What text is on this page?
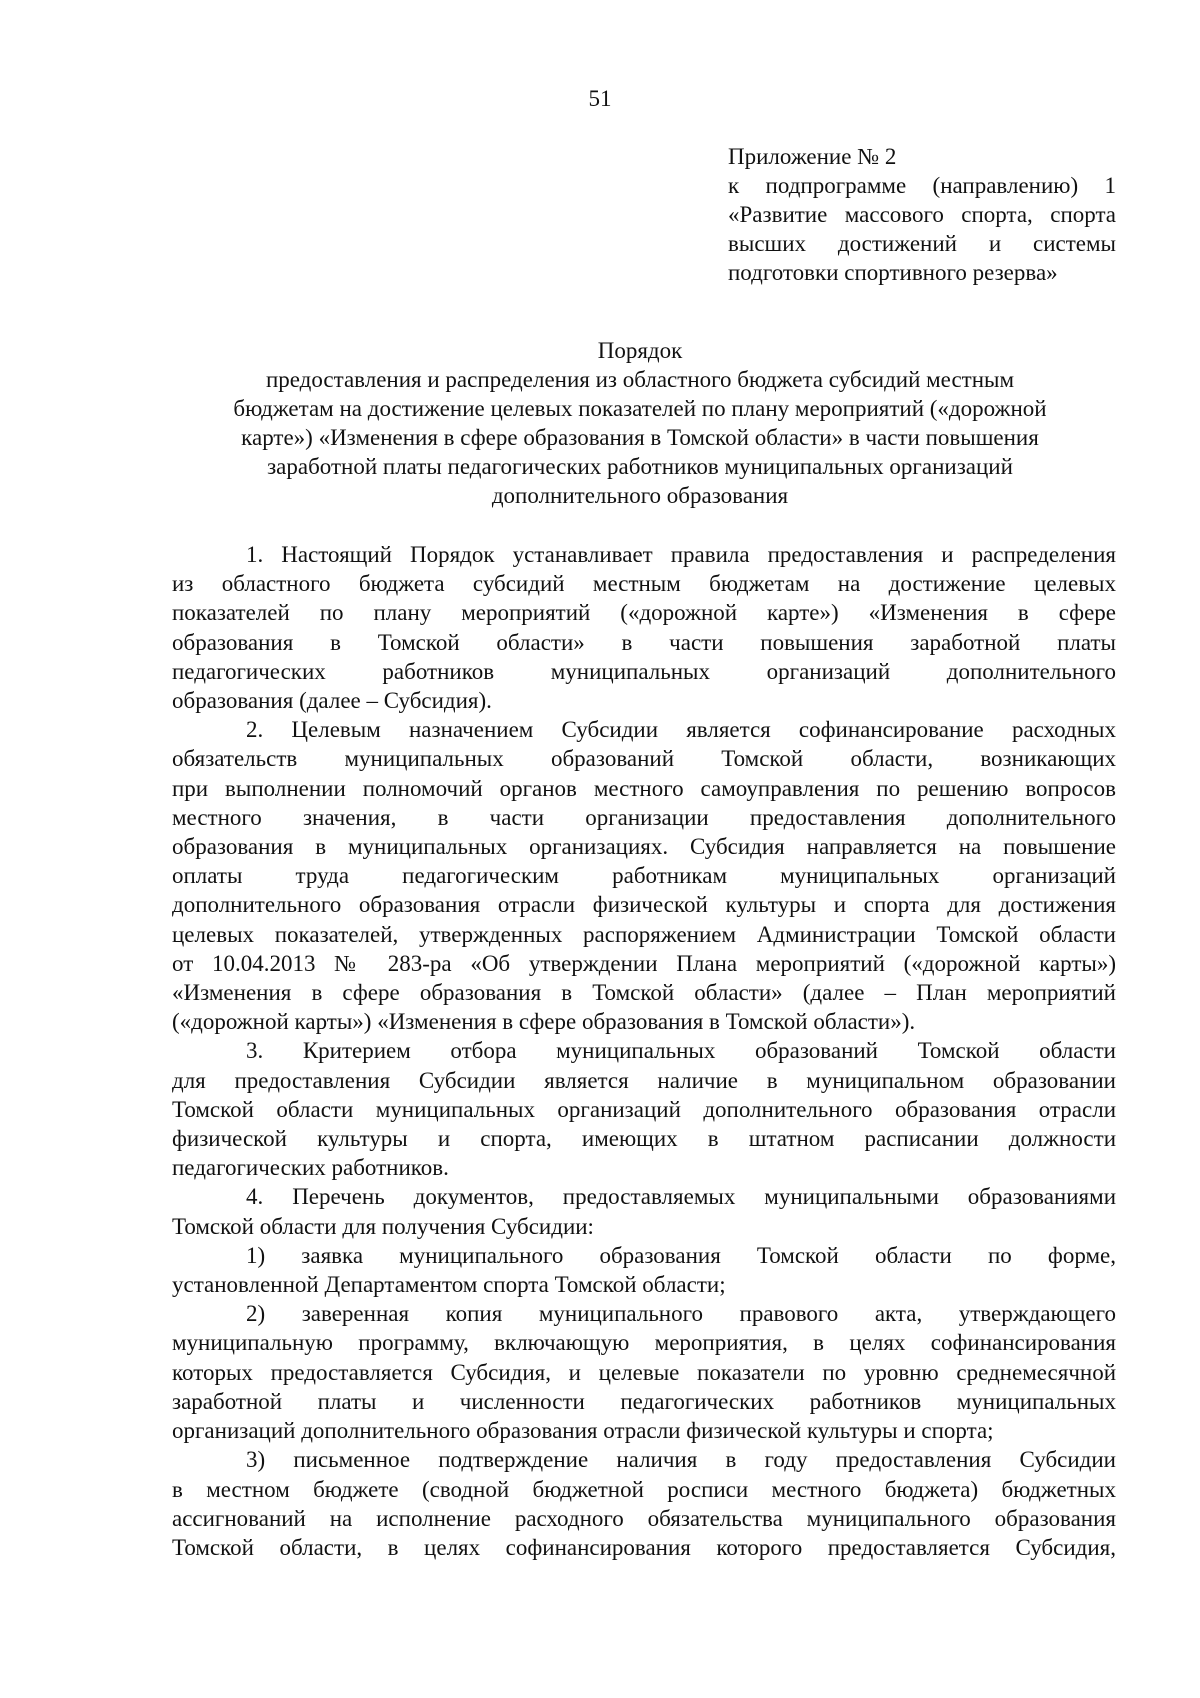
51
Приложение № 2
к подпрограмме (направлению) 1
«Развитие массового спорта, спорта
высших достижений и системы
подготовки спортивного резерва»
Порядок
предоставления и распределения из областного бюджета субсидий местным
бюджетам на достижение целевых показателей по плану мероприятий («дорожной
карте») «Изменения в сфере образования в Томской области» в части повышения
заработной платы педагогических работников муниципальных организаций
дополнительного образования
1. Настоящий Порядок устанавливает правила предоставления и распределения
из областного бюджета субсидий местным бюджетам на достижение целевых
показателей по плану мероприятий («дорожной карте») «Изменения в сфере
образования в Томской области» в части повышения заработной платы
педагогических работников муниципальных организаций дополнительного
образования (далее – Субсидия).
2. Целевым назначением Субсидии является софинансирование расходных
обязательств муниципальных образований Томской области, возникающих
при выполнении полномочий органов местного самоуправления по решению вопросов
местного значения, в части организации предоставления дополнительного
образования в муниципальных организациях. Субсидия направляется на повышение
оплаты труда педагогическим работникам муниципальных организаций
дополнительного образования отрасли физической культуры и спорта для достижения
целевых показателей, утвержденных распоряжением Администрации Томской области
от 10.04.2013 № 283-ра «Об утверждении Плана мероприятий («дорожной карты»)
«Изменения в сфере образования в Томской области» (далее – План мероприятий
(«дорожной карты») «Изменения в сфере образования в Томской области»).
3. Критерием отбора муниципальных образований Томской области
для предоставления Субсидии является наличие в муниципальном образовании
Томской области муниципальных организаций дополнительного образования отрасли
физической культуры и спорта, имеющих в штатном расписании должности
педагогических работников.
4. Перечень документов, предоставляемых муниципальными образованиями
Томской области для получения Субсидии:
1) заявка муниципального образования Томской области по форме,
установленной Департаментом спорта Томской области;
2) заверенная копия муниципального правового акта, утверждающего
муниципальную программу, включающую мероприятия, в целях софинансирования
которых предоставляется Субсидия, и целевые показатели по уровню среднемесячной
заработной платы и численности педагогических работников муниципальных
организаций дополнительного образования отрасли физической культуры и спорта;
3) письменное подтверждение наличия в году предоставления Субсидии
в местном бюджете (сводной бюджетной росписи местного бюджета) бюджетных
ассигнований на исполнение расходного обязательства муниципального образования
Томской области, в целях софинансирования которого предоставляется Субсидия,
